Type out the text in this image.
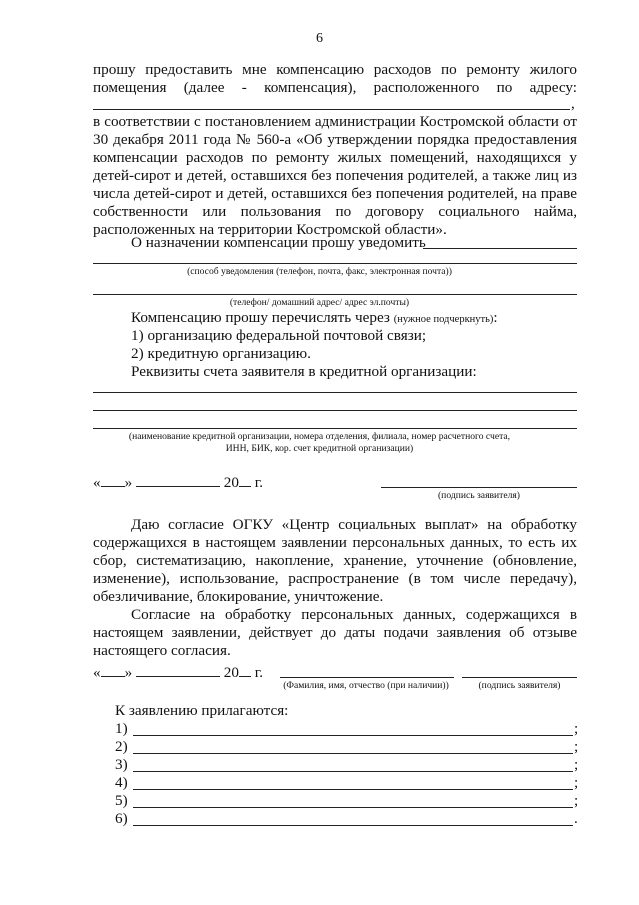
6
прошу предоставить мне компенсацию расходов по ремонту жилого
помещения (далее - компенсация), расположенного по адресу:
,
в соответствии с постановлением администрации Костромской области от
30 декабря 2011 года № 560-а «Об утверждении порядка предоставления
компенсации расходов по ремонту жилых помещений, находящихся у
детей-сирот и детей, оставшихся без попечения родителей, а также лиц из
числа детей-сирот и детей, оставшихся без попечения родителей, на праве
собственности или пользования по договору социального найма,
расположенных на территории Костромской области».
О назначении компенсации прошу уведомить
(способ уведомления (телефон, почта, факс, электронная почта))
(телефон/ домашний адрес/ адрес эл.почты)
Компенсацию прошу перечислять через (нужное подчеркнуть):
1) организацию федеральной почтовой связи;
2) кредитную организацию.
Реквизиты счета заявителя в кредитной организации:
(наименование кредитной организации, номера отделения, филиала, номер расчетного счета,
ИНН, БИК, кор. счет кредитной организации)
« »	20 г.
(подпись заявителя)
Даю согласие ОГКУ «Центр социальных выплат» на обработку
содержащихся в настоящем заявлении персональных данных, то есть их
сбор, систематизацию, накопление, хранение, уточнение (обновление,
изменение), использование, распространение (в том числе передачу),
обезличивание, блокирование, уничтожение.
Согласие на обработку персональных данных, содержащихся в
настоящем заявлении, действует до даты подачи заявления об отзыве
настоящего согласия.
« »	20 г.
(Фамилия, имя, отчество (при наличии))	(подпись заявителя)
К заявлению прилагаются:
1)	;
2)	;
3)	;
4)	;
5)	;
6)	.
